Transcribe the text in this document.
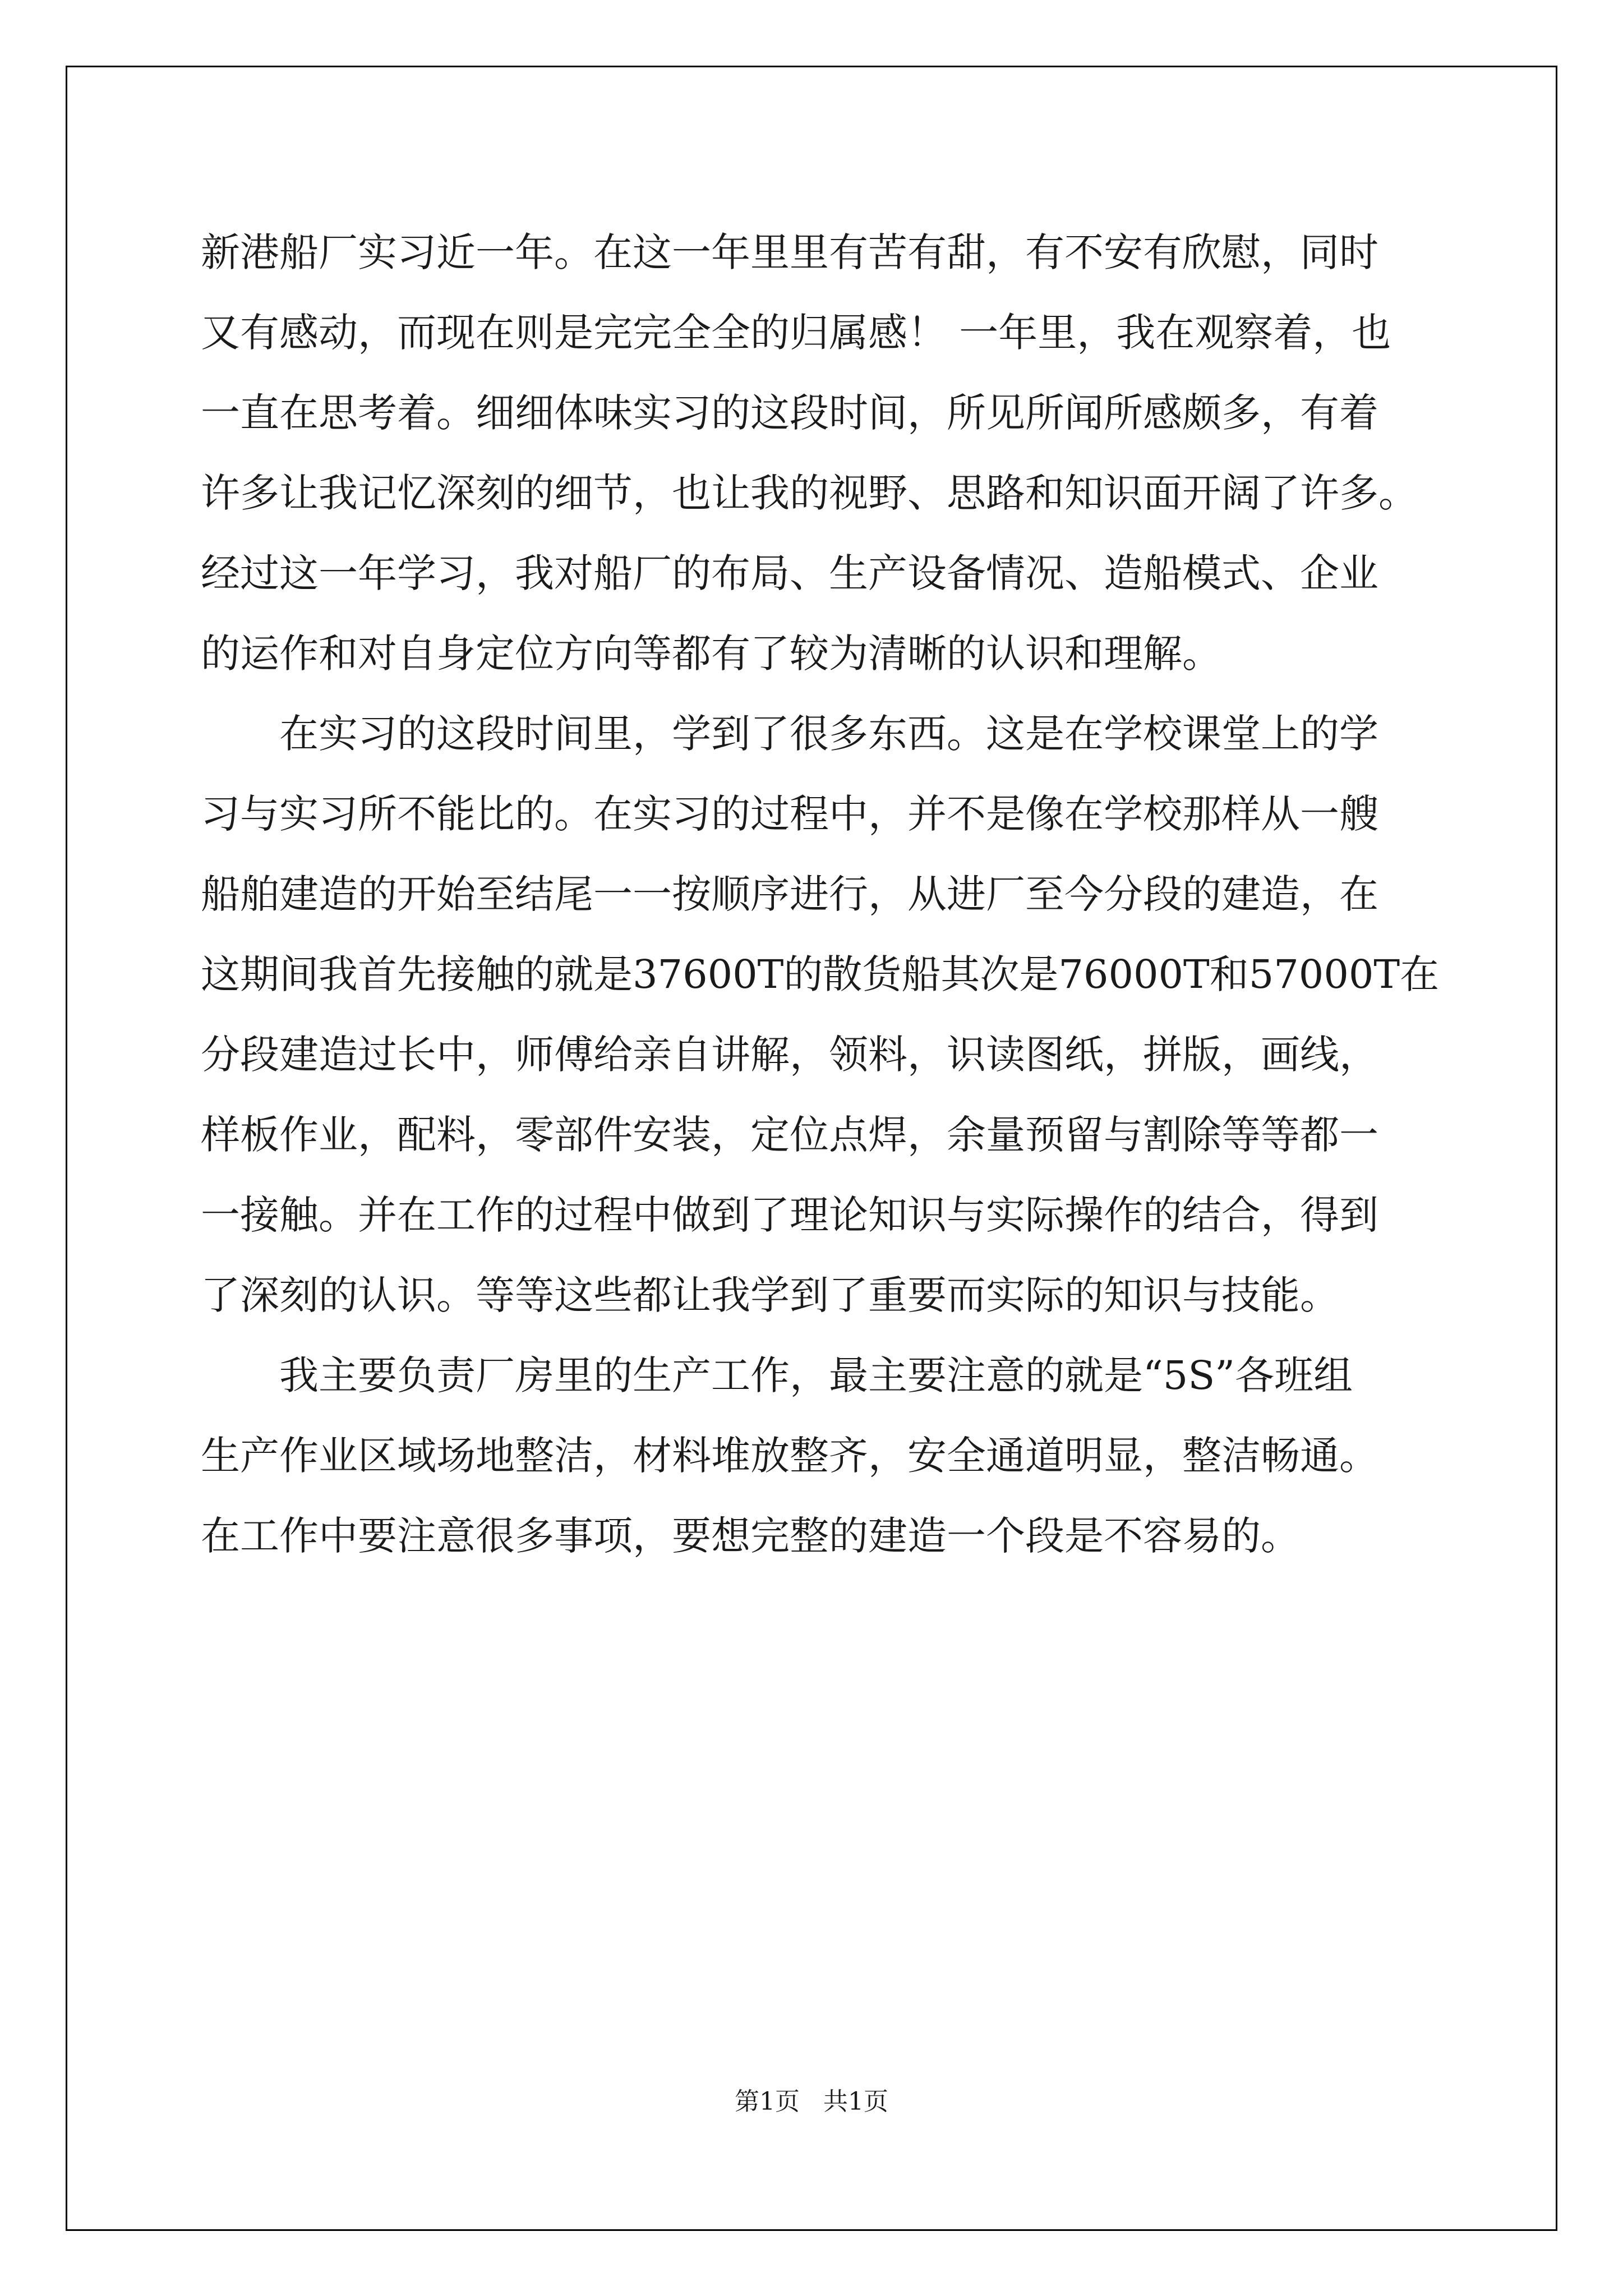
新港船厂实习近一年。在这一年里里有苦有甜，有不安有欣慰，同时
又有感动，而现在则是完完全全的归属感！ 一年里，我在观察着，也
一直在思考着。细细体味实习的这段时间，所见所闻所感颇多，有着
许多让我记忆深刻的细节，也让我的视野、思路和知识面开阔了许多。
经过这一年学习，我对船厂的布局、生产设备情况、造船模式、企业
的运作和对自身定位方向等都有了较为清晰的认识和理解。
在实习的这段时间里，学到了很多东西。这是在学校课堂上的学
习与实习所不能比的。在实习的过程中，并不是像在学校那样从一艘
船舶建造的开始至结尾一一按顺序进行，从进厂至今分段的建造，在
这期间我首先接触的就是37600T的散货船其次是76000T和57000T在
分段建造过长中，师傅给亲自讲解，领料，识读图纸，拼版，画线，
样板作业，配料，零部件安装，定位点焊，余量预留与割除等等都一
一接触。并在工作的过程中做到了理论知识与实际操作的结合，得到
了深刻的认识。等等这些都让我学到了重要而实际的知识与技能。
我主要负责厂房里的生产工作，最主要注意的就是“5S”各班组
生产作业区域场地整洁，材料堆放整齐，安全通道明显，整洁畅通。
在工作中要注意很多事项，要想完整的建造一个段是不容易的。
第1页   共1页
